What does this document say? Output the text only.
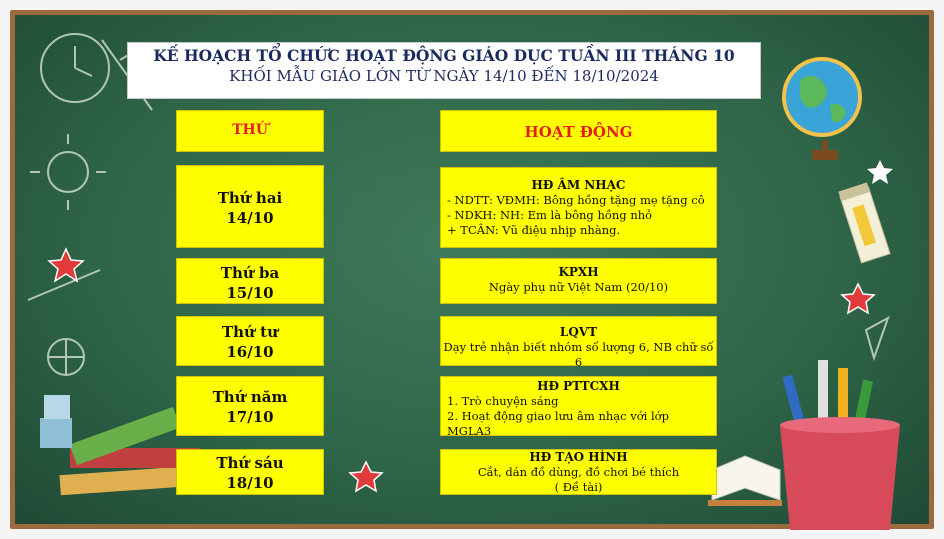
KẾ HOẠCH TỔ CHỨC HOẠT ĐỘNG GIÁO DỤC TUẦN III THÁNG 10
KHỐI MẪU GIÁO LỚN TỪ NGÀY 14/10 ĐẾN 18/10/2024
THỨ	HOẠT ĐỘNG
Thứ hai
14/10
HĐ ÂM NHẠC
- NDTT: VĐMH: Bông hồng tặng mẹ tặng cô
- NDKH: NH: Em là bông hồng nhỏ
+ TCÂN: Vũ điệu nhịp nhàng.
Thứ ba
15/10
KPXH
Ngày phụ nữ Việt Nam (20/10)
Thứ tư
16/10
LQVT
Dạy trẻ nhận biết nhóm số lượng 6, NB chữ số 6
Thứ năm
17/10
HĐ PTTCXH
1. Trò chuyện sáng
2. Hoạt động giao lưu âm nhạc với lớp MGLA3
Thứ sáu
18/10
HĐ TẠO HÌNH
Cắt, dán đồ dùng, đồ chơi bé thích
( Đề tài)
